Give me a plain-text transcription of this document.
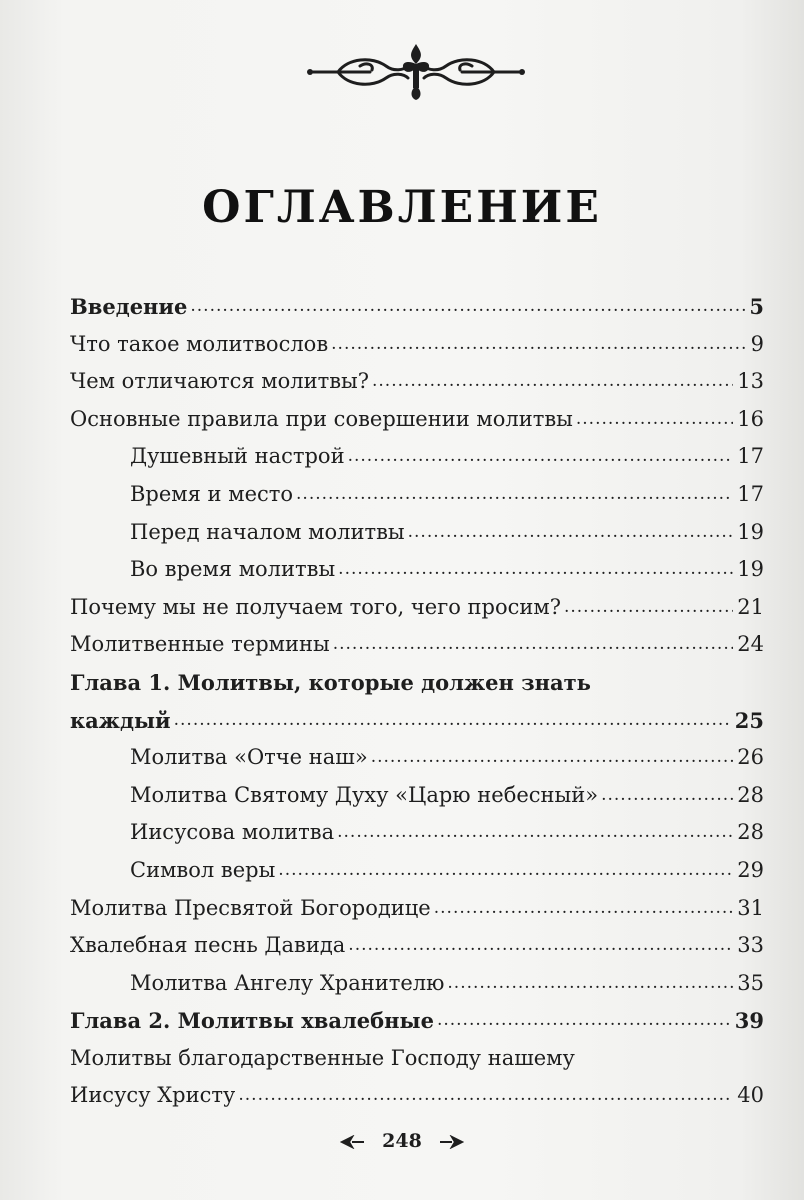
ОГЛАВЛЕНИЕ
Введение .....	5
Что такое молитвослов .....	9
Чем отличаются молитвы? .....	13
Основные правила при совершении молитвы .....	16
Душевный настрой .....	17
Время и место .....	17
Перед началом молитвы .....	19
Во время молитвы .....	19
Почему мы не получаем того, чего просим? .....	21
Молитвенные термины .....	24
Глава 1. Молитвы, которые должен знать
каждый .....	25
Молитва «Отче наш» .....	26
Молитва Святому Духу «Царю небесный» .....	28
Иисусова молитва .....	28
Символ веры .....	29
Молитва Пресвятой Богородице .....	31
Хвалебная песнь Давида .....	33
Молитва Ангелу Хранителю .....	35
Глава 2. Молитвы хвалебные .....	39
Молитвы благодарственные Господу нашему
Иисусу Христу .....	40
248
